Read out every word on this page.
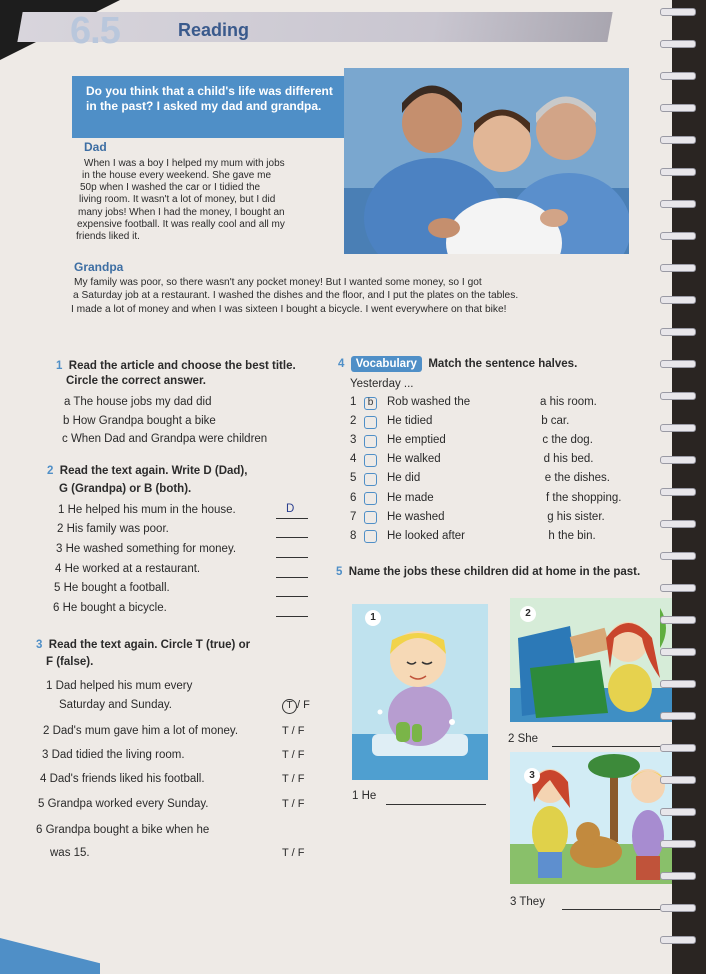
6.5	Reading
Do you think that a child's life was different in the past? I asked my dad and grandpa.
Dad
When I was a boy I helped my mum with jobs
in the house every weekend. She gave me
50p when I washed the car or I tidied the
living room. It wasn't a lot of money, but I did
many jobs! When I had the money, I bought an
expensive football. It was really cool and all my
friends liked it.
Grandpa
My family was poor, so there wasn't any pocket money! But I wanted some money, so I got
a Saturday job at a restaurant. I washed the dishes and the floor, and I put the plates on the tables.
I made a lot of money and when I was sixteen I bought a bicycle. I went everywhere on that bike!
1 Read the article and choose the best title.
Circle the correct answer.
a The house jobs my dad did
b How Grandpa bought a bike
c When Dad and Grandpa were children
2 Read the text again. Write D (Dad),
G (Grandpa) or B (both).
1 He helped his mum in the house.	D
2 His family was poor.
3 He washed something for money.
4 He worked at a restaurant.
5 He bought a football.
6 He bought a bicycle.
3 Read the text again. Circle T (true) or
F (false).
1 Dad helped his mum every
Saturday and Sunday.	T / F
2 Dad's mum gave him a lot of money.	T / F
3 Dad tidied the living room.	T / F
4 Dad's friends liked his football.	T / F
5 Grandpa worked every Sunday.	T / F
6 Grandpa bought a bike when he
was 15.	T / F
4 Vocabulary Match the sentence halves.
Yesterday ...
5 Name the jobs these children did at home in the past.
1	2
3
1 He
2 She
3 They
1	b	Rob washed the	a his room.
2	He tidied	b car.
3	He emptied	c the dog.
4	He walked	d his bed.
5	He did	e the dishes.
6	He made	f the shopping.
7	He washed	g his sister.
8	He looked after	h the bin.
